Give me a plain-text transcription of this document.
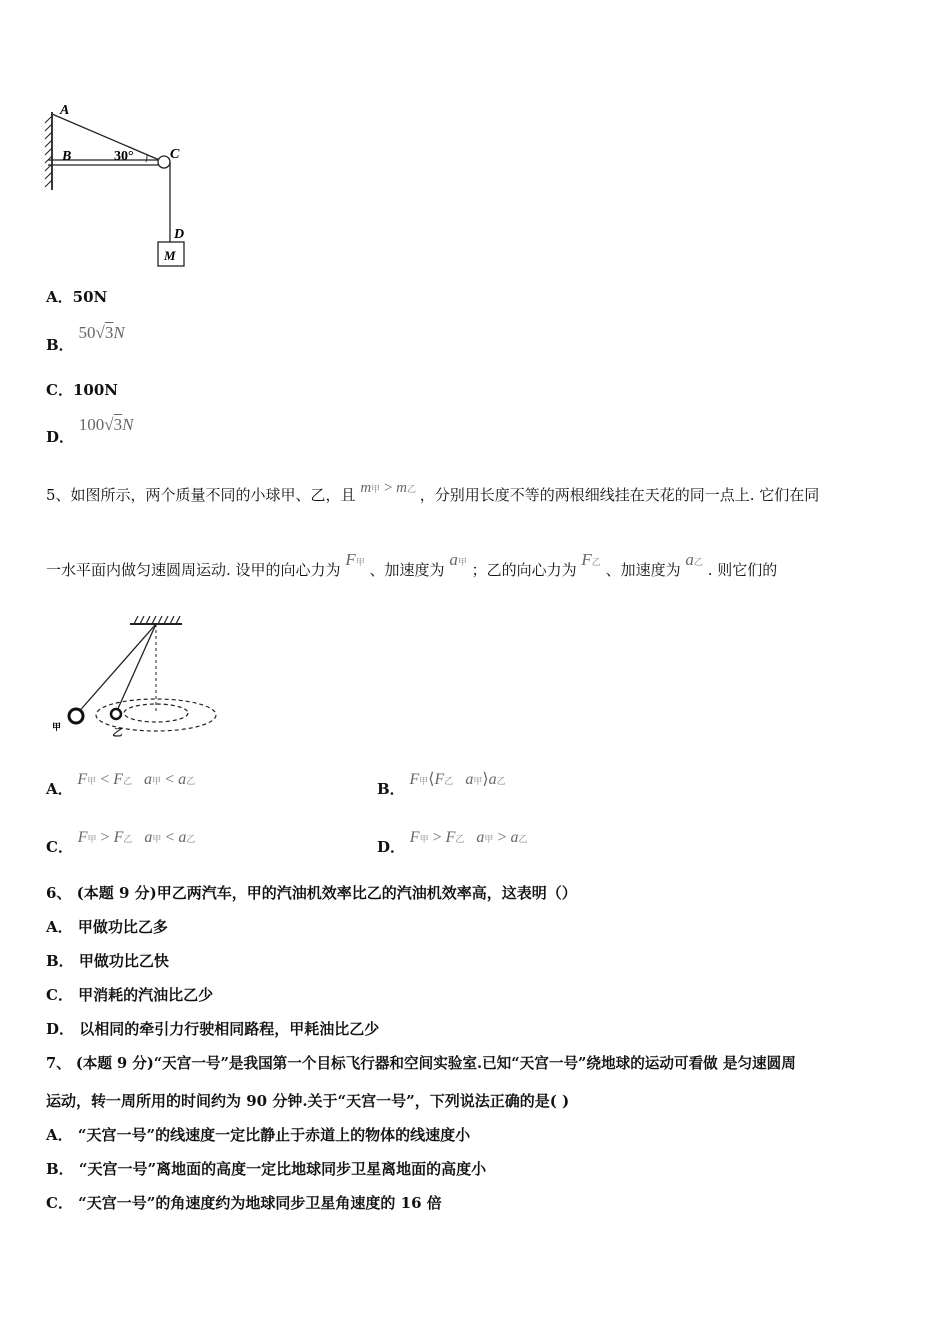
A
B	30°	C
D
M
A．50N
B． 50√3N
C．100N
D． 100√3N
5、如图所示，两个质量不同的小球甲、乙，且 m甲 > m乙 ，分别用长度不等的两根细线挂在天花的同一点上. 它们在同
一水平面内做匀速圆周运动. 设甲的向心力为 F甲 、加速度为 a甲 ；乙的向心力为 F乙 、加速度为 a乙 . 则它们的
甲
乙
A． F甲 < F乙 a甲 < a乙	B． F甲⟨F乙 a甲⟩a乙
C． F甲 > F乙 a甲 < a乙	D． F甲 > F乙 a甲 > a乙
6、 (本题 9 分)甲乙两汽车，甲的汽油机效率比乙的汽油机效率高，这表明（）
A． 甲做功比乙多
B． 甲做功比乙快
C． 甲消耗的汽油比乙少
D． 以相同的牵引力行驶相同路程，甲耗油比乙少
7、 (本题 9 分)“天宫一号”是我国第一个目标飞行器和空间实验室.已知“天宫一号”绕地球的运动可看做 是匀速圆周
运动，转一周所用的时间约为 90 分钟.关于“天宫一号”，下列说法正确的是( )
A． “天宫一号”的线速度一定比静止于赤道上的物体的线速度小
B． “天宫一号”离地面的高度一定比地球同步卫星离地面的高度小
C． “天宫一号”的角速度约为地球同步卫星角速度的 16 倍
